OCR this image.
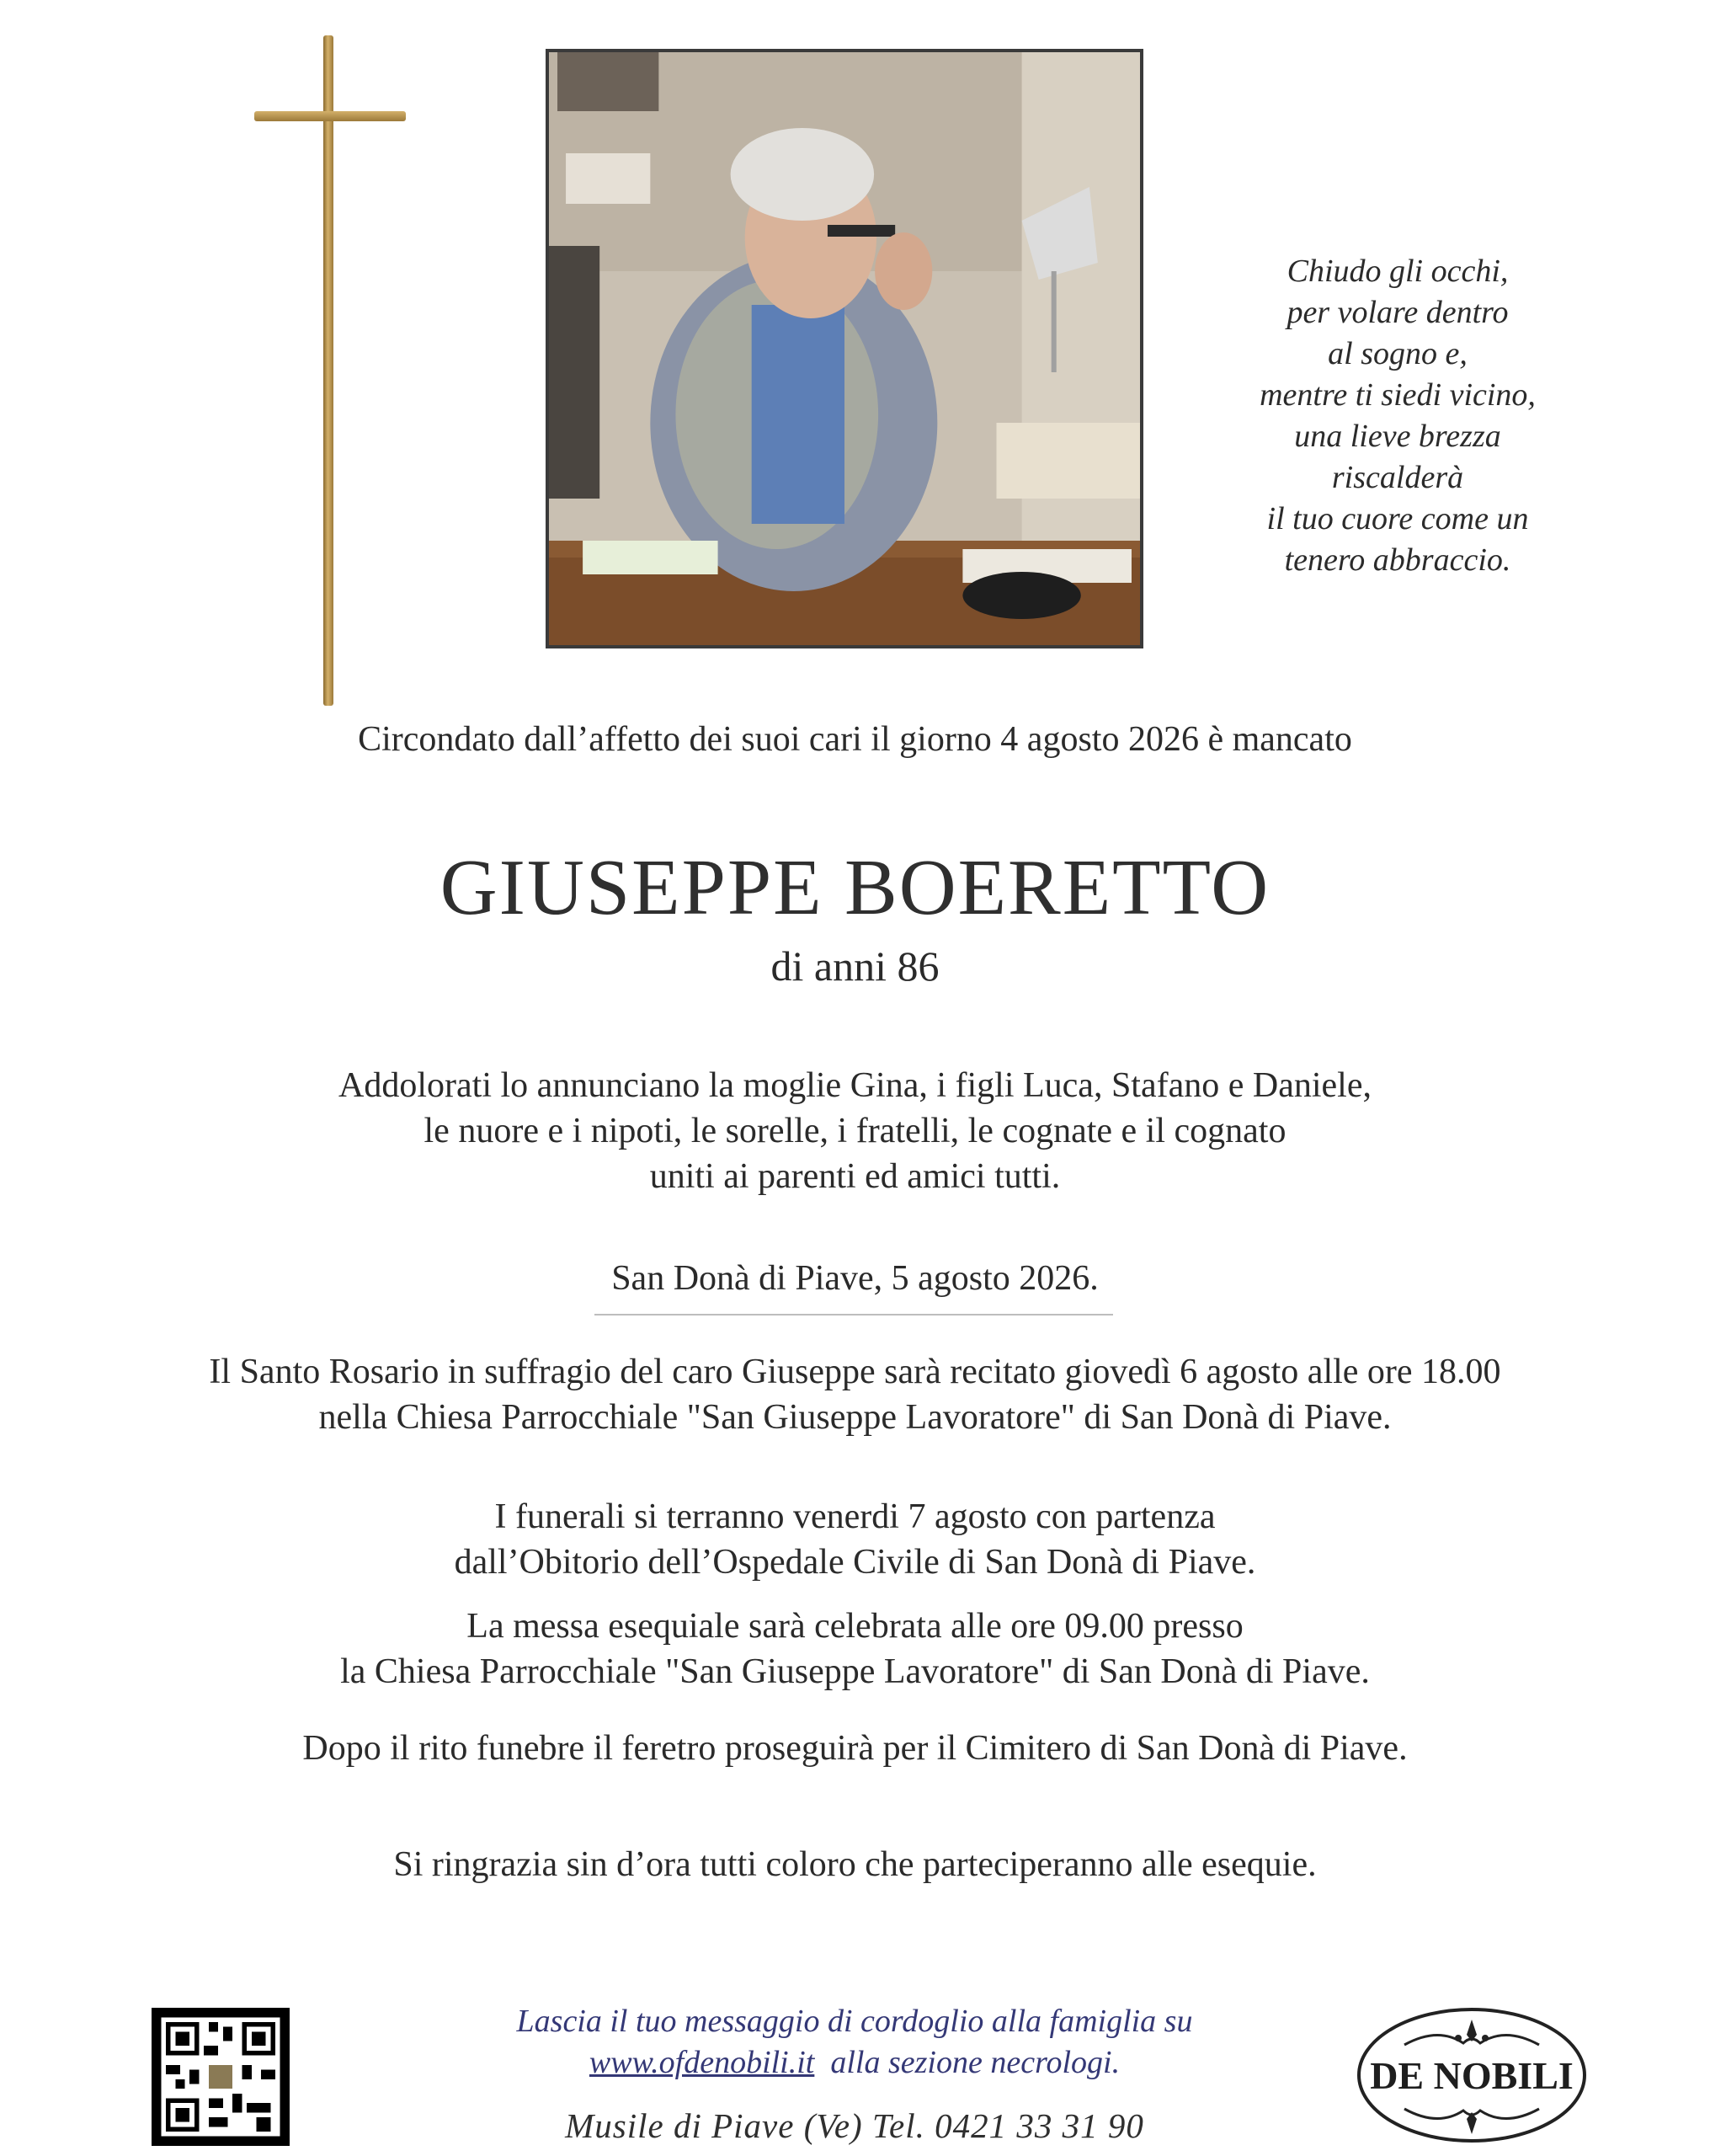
Chiudo gli occhi,
per volare dentro
al sogno e,
mentre ti siedi vicino,
una lieve brezza
riscalderà
il tuo cuore come un
tenero abbraccio.
Circondato dall’affetto dei suoi cari il giorno 4 agosto 2026 è mancato
GIUSEPPE BOERETTO
di anni 86
Addolorati lo annunciano la moglie Gina, i figli Luca, Stafano e Daniele,
le nuore e i nipoti, le sorelle, i fratelli, le cognate e il cognato
uniti ai parenti ed amici tutti.
San Donà di Piave, 5 agosto 2026.
Il Santo Rosario in suffragio del caro Giuseppe sarà recitato giovedì 6 agosto alle ore 18.00
nella Chiesa Parrocchiale "San Giuseppe Lavoratore" di San Donà di Piave.
I funerali si terranno venerdi 7 agosto con partenza
dall’Obitorio dell’Ospedale Civile di San Donà di Piave.
La messa esequiale sarà celebrata alle ore 09.00 presso
la Chiesa Parrocchiale "San Giuseppe Lavoratore" di San Donà di Piave.
Dopo il rito funebre il feretro proseguirà per il Cimitero di San Donà di Piave.
Si ringrazia sin d’ora tutti coloro che parteciperanno alle esequie.
Lascia il tuo messaggio di cordoglio alla famiglia su
www.ofdenobili.it alla sezione necrologi.
Musile di Piave (Ve) Tel. 0421 33 31 90
DE NOBILI
